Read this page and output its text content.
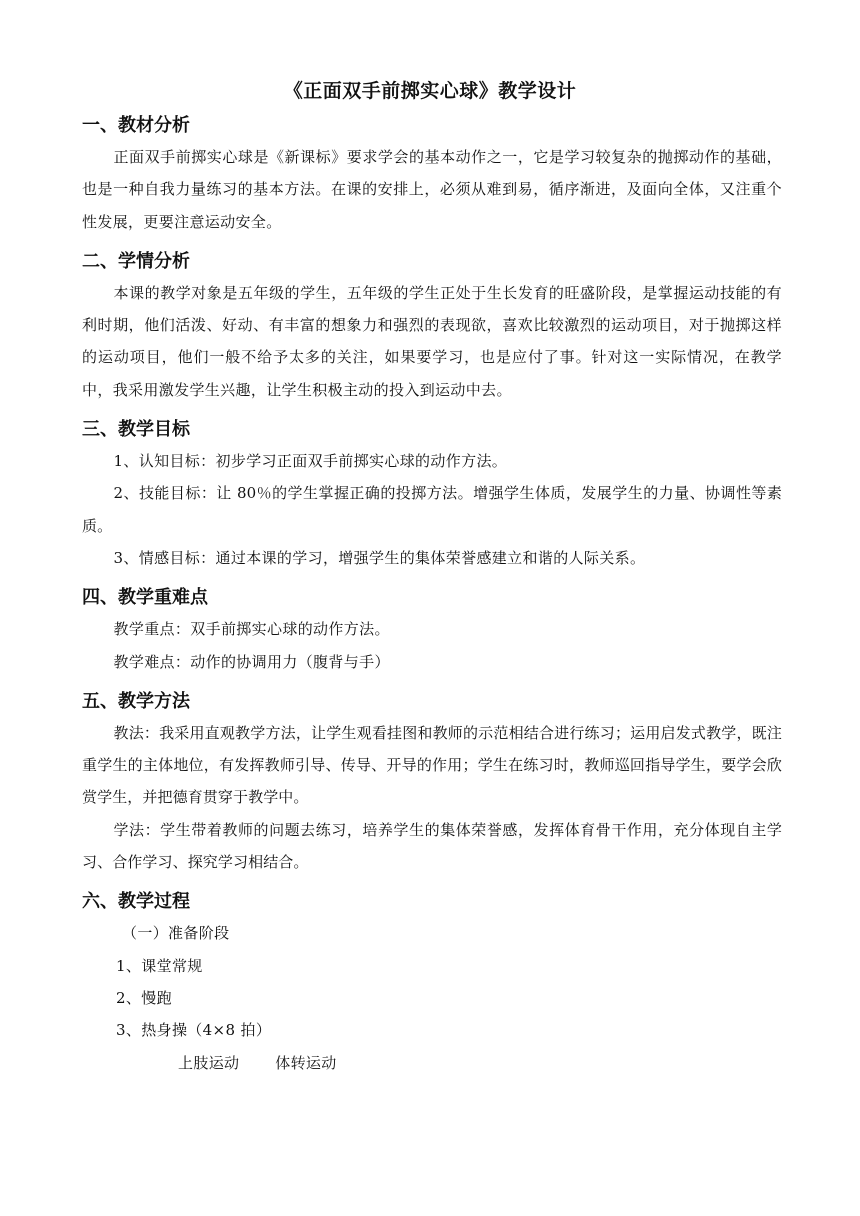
《正面双手前掷实心球》教学设计
一、教材分析
正面双手前掷实心球是《新课标》要求学会的基本动作之一，它是学习较复杂的抛掷动作的基础，也是一种自我力量练习的基本方法。在课的安排上，必须从难到易，循序渐进，及面向全体，又注重个性发展，更要注意运动安全。
二、学情分析
本课的教学对象是五年级的学生，五年级的学生正处于生长发育的旺盛阶段，是掌握运动技能的有利时期，他们活泼、好动、有丰富的想象力和强烈的表现欲，喜欢比较激烈的运动项目，对于抛掷这样的运动项目，他们一般不给予太多的关注，如果要学习，也是应付了事。针对这一实际情况，在教学中，我采用激发学生兴趣，让学生积极主动的投入到运动中去。
三、教学目标
1、认知目标：初步学习正面双手前掷实心球的动作方法。
2、技能目标：让 80％的学生掌握正确的投掷方法。增强学生体质，发展学生的力量、协调性等素质。
3、情感目标：通过本课的学习，增强学生的集体荣誉感建立和谐的人际关系。
四、教学重难点
教学重点：双手前掷实心球的动作方法。
教学难点：动作的协调用力（腹背与手）
五、教学方法
教法：我采用直观教学方法，让学生观看挂图和教师的示范相结合进行练习；运用启发式教学，既注重学生的主体地位，有发挥教师引导、传导、开导的作用；学生在练习时，教师巡回指导学生，要学会欣赏学生，并把德育贯穿于教学中。
学法：学生带着教师的问题去练习，培养学生的集体荣誉感，发挥体育骨干作用，充分体现自主学习、合作学习、探究学习相结合。
六、教学过程
（一）准备阶段
1、课堂常规
2、慢跑
3、热身操（4×8 拍）
上肢运动       体转运动
